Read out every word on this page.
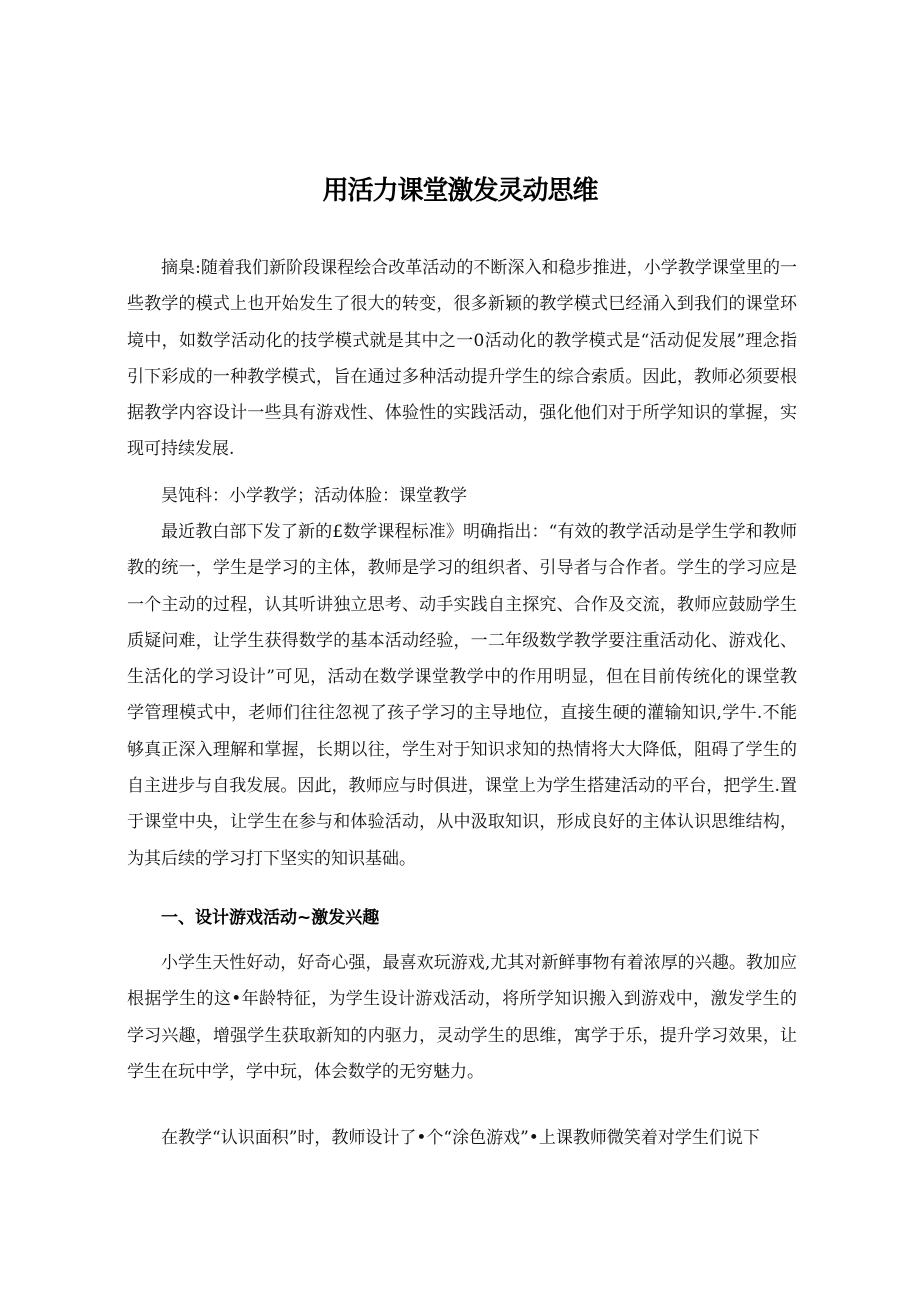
用活力课堂激发灵动思维

摘臬:随着我们新阶段课程绘合改革活动的不断深入和稳步推进，小学教学课堂里的一些教学的模式上也开始发生了很大的转变，很多新颖的教学模式巳经涌入到我们的课堂环境中，如数学活动化的技学模式就是其中之一0活动化的教学模式是“活动促发展”理念指引下彩成的一种教学模式，旨在通过多种活动提升学生的综合索质。因此，教师必须要根据教学内容设计一些具有游戏性、体验性的实践活动，强化他们对于所学知识的掌握，实现可持续发展.

昊饨科：小学教学；活动体脸：课堂教学

最近教白部下发了新的£数学课程标准》明确指出：“有效的教学活动是学生学和教师教的统一，学生是学习的主体，教师是学习的组织者、引导者与合作者。学生的学习应是一个主动的过程，认其听讲独立思考、动手实践自主探究、合作及交流，教师应鼓励学生质疑问难，让学生获得数学的基本活动经验，一二年级数学教学要注重活动化、游戏化、生活化的学习设计”可见，活动在数学课堂教学中的作用明显，但在目前传统化的课堂教学管理模式中，老师们往往忽视了孩子学习的主导地位，直接生硬的灌输知识,学牛.不能够真正深入理解和掌握，长期以往，学生对于知识求知的热情将大大降低，阻碍了学生的自主进步与自我发展。因此，教师应与时俱进，课堂上为学生搭建活动的平台，把学生.置于课堂中央，让学生在参与和体验活动，从中汲取知识，形成良好的主体认识思维结构，为其后续的学习打下坚实的知识基础。

一、设计游戏活动~激发兴趣

小学生天性好动，好奇心强，最喜欢玩游戏,尤其对新鲜事物有着浓厚的兴趣。教加应根据学生的这•年龄特征，为学生设计游戏活动，将所学知识搬入到游戏中，激发学生的学习兴趣，增强学生获取新知的内驱力，灵动学生的思维，寓学于乐，提升学习效果，让学生在玩中学，学中玩，体会数学的无穷魅力。

在教学“认识面积”时，教师设计了•个“涂色游戏”•上课教师微笑着对学生们说下
